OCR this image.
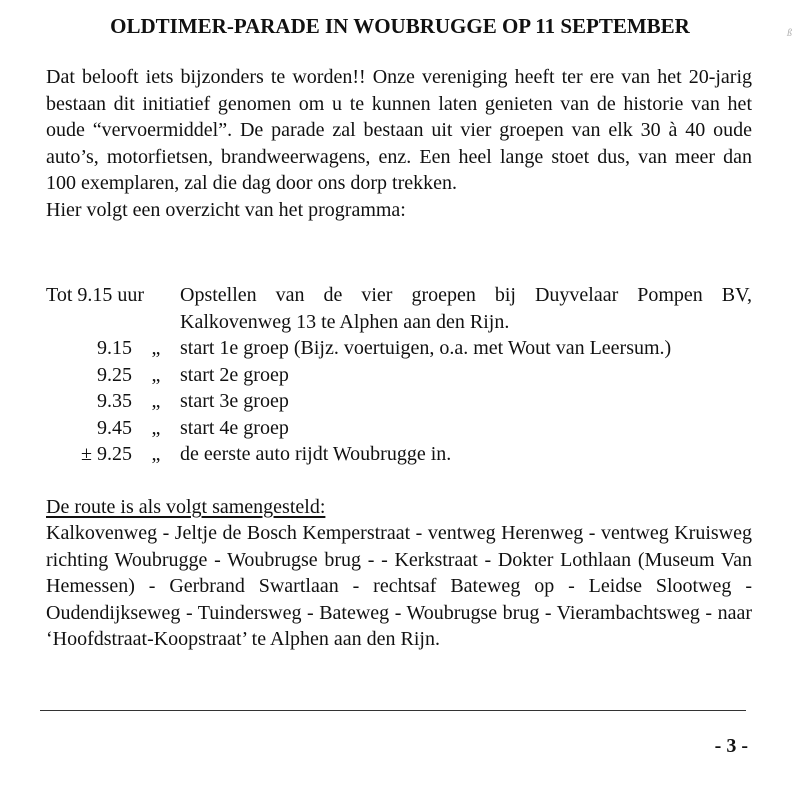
OLDTIMER-PARADE IN WOUBRUGGE OP 11 SEPTEMBER	ß

Dat belooft iets bijzonders te worden!! Onze vereniging heeft ter ere van het 20-jarig bestaan dit initiatief genomen om u te kunnen laten genieten van de historie van het oude “vervoermiddel”. De parade zal bestaan uit vier groepen van elk 30 à 40 oude auto’s, motorfietsen, brandweerwagens, enz. Een heel lange stoet dus, van meer dan 100 exemplaren, zal die dag door ons dorp trekken.

Hier volgt een overzicht van het programma:

Tot 9.15 uur	Opstellen van de vier groepen bij Duyvelaar Pompen BV, Kalkovenweg 13 te Alphen aan den Rijn.
9.15 „ start 1e groep (Bijz. voertuigen, o.a. met Wout van Leersum.)
9.25 „ start 2e groep
9.35 „ start 3e groep
9.45 „ start 4e groep
± 9.25 „ de eerste auto rijdt Woubrugge in.
De route is als volgt samengesteld:
Kalkovenweg - Jeltje de Bosch Kemperstraat - ventweg Herenweg - ventweg Kruisweg richting Woubrugge - Woubrugse brug - - Kerkstraat - Dokter Lothlaan (Museum Van Hemessen) - Gerbrand Swartlaan - rechtsaf Bateweg op - Leidse Slootweg - Oudendijkseweg - Tuindersweg - Bateweg - Woubrugse brug - Vierambachtsweg - naar ‘Hoofdstraat-Koopstraat’ te Alphen aan den Rijn.
- 3 -
